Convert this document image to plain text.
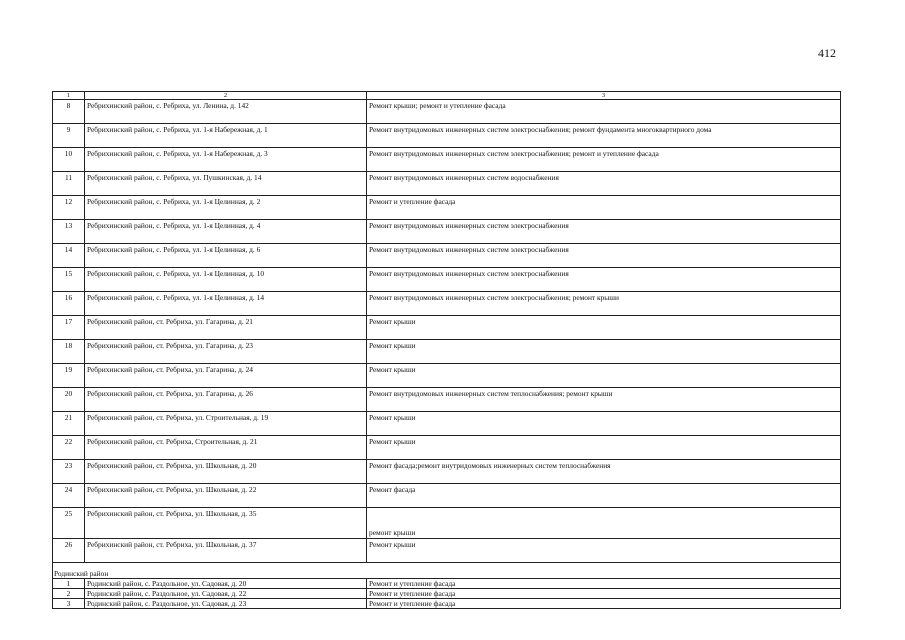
412
1	2	3
8	Ребрихинский район, с. Ребриха, ул. Ленина, д. 142	Ремонт крыши; ремонт и утепление фасада
9	Ребрихинский район, с. Ребриха, ул. 1-я Набережная, д. 1	Ремонт внутридомовых инженерных систем электроснабжения; ремонт фундамента многоквартирного дома
10	Ребрихинский район, с. Ребриха, ул. 1-я Набережная, д. 3	Ремонт внутридомовых инженерных систем электроснабжения; ремонт и утепление фасада
11	Ребрихинский район, с. Ребриха, ул. Пушкинская, д. 14	Ремонт внутридомовых инженерных систем водоснабжения
12	Ребрихинский район, с. Ребриха, ул. 1-я Целинная, д. 2	Ремонт и утепление фасада
13	Ребрихинский район, с. Ребриха, ул. 1-я Целинная, д. 4	Ремонт внутридомовых инженерных систем электроснабжения
14	Ребрихинский район, с. Ребриха, ул. 1-я Целинная, д. 6	Ремонт внутридомовых инженерных систем электроснабжения
15	Ребрихинский район, с. Ребриха, ул. 1-я Целинная, д. 10	Ремонт внутридомовых инженерных систем электроснабжения
16	Ребрихинский район, с. Ребриха, ул. 1-я Целинная, д. 14	Ремонт внутридомовых инженерных систем электроснабжения; ремонт крыши
17	Ребрихинский район, ст. Ребриха, ул. Гагарина, д. 21	Ремонт крыши
18	Ребрихинский район, ст. Ребриха, ул. Гагарина, д. 23	Ремонт крыши
19	Ребрихинский район, ст. Ребриха, ул. Гагарина, д. 24	Ремонт крыши
20	Ребрихинский район, ст. Ребриха, ул. Гагарина, д. 26	Ремонт внутридомовых инженерных систем теплоснабжения; ремонт крыши
21	Ребрихинский район, ст. Ребриха, ул. Строительная, д. 19	Ремонт крыши
22	Ребрихинский район, ст. Ребриха, Строительная, д. 21	Ремонт крыши
23	Ребрихинский район, ст. Ребриха, ул. Школьная, д. 20	Ремонт фасада;ремонт внутридомовых инженерных систем теплоснабжения
24	Ребрихинский район, ст. Ребриха, ул. Школьная, д. 22	Ремонт фасада
25	Ребрихинский район, ст. Ребриха, ул. Школьная, д. 35	ремонт крыши
26	Ребрихинский район, ст. Ребриха, ул. Школьная, д. 37	Ремонт крыши
Родинский район		
1	Родинский район, с. Раздольное, ул. Садовая, д. 20	Ремонт и утепление фасада
2	Родинский район, с. Раздольное, ул. Садовая, д. 22	Ремонт и утепление фасада
3	Родинский район, с. Раздольное, ул. Садовая, д. 23	Ремонт и утепление фасада
